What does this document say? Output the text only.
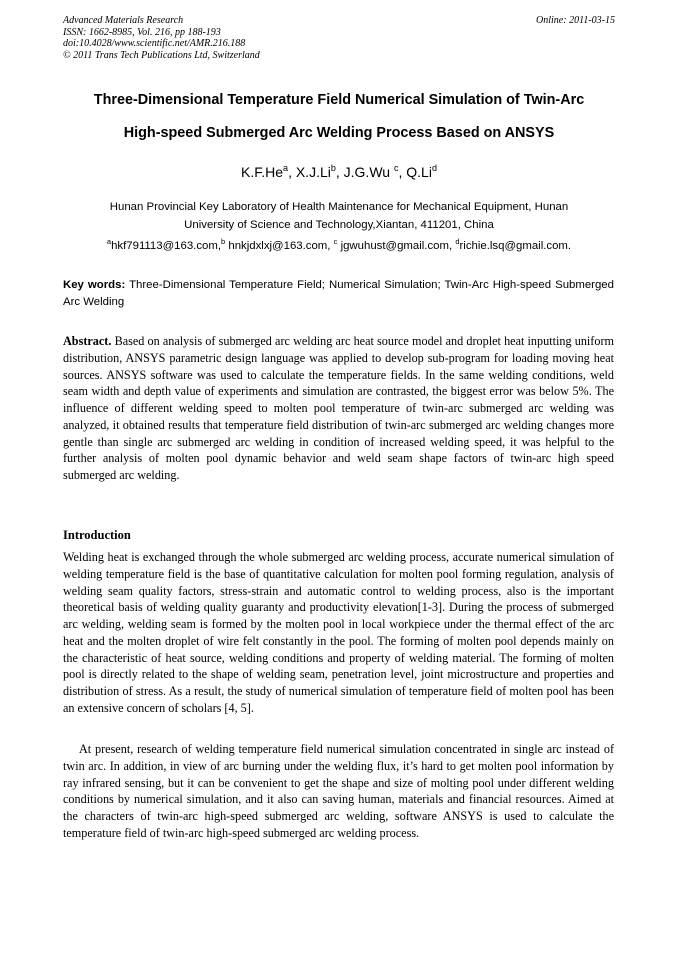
Advanced Materials Research
ISSN: 1662-8985, Vol. 216, pp 188-193
doi:10.4028/www.scientific.net/AMR.216.188
© 2011 Trans Tech Publications Ltd, Switzerland
Online: 2011-03-15
Three-Dimensional Temperature Field Numerical Simulation of Twin-Arc
High-speed Submerged Arc Welding Process Based on ANSYS
K.F.He$^a$, X.J.Li$^b$, J.G.Wu $^c$, Q.Li$^d$
Hunan Provincial Key Laboratory of Health Maintenance for Mechanical Equipment, Hunan
University of Science and Technology,Xiantan, 411201, China
$^a$hkf791113@163.com,$^b$ hnkjdxlxj@163.com, $^c$ jgwuhust@gmail.com, $^d$richie.lsq@gmail.com.
Key words: Three-Dimensional Temperature Field; Numerical Simulation; Twin-Arc High-speed Submerged Arc Welding
Abstract. Based on analysis of submerged arc welding arc heat source model and droplet heat inputting uniform distribution, ANSYS parametric design language was applied to develop sub-program for loading moving heat sources. ANSYS software was used to calculate the temperature fields. In the same welding conditions, weld seam width and depth value of experiments and simulation are contrasted, the biggest error was below 5%. The influence of different welding speed to molten pool temperature of twin-arc submerged arc welding was analyzed, it obtained results that temperature field distribution of twin-arc submerged arc welding changes more gentle than single arc submerged arc welding in condition of increased welding speed, it was helpful to the further analysis of molten pool dynamic behavior and weld seam shape factors of twin-arc high speed submerged arc welding.
Introduction
Welding heat is exchanged through the whole submerged arc welding process, accurate numerical simulation of welding temperature field is the base of quantitative calculation for molten pool forming regulation, analysis of welding seam quality factors, stress-strain and automatic control to welding process, also is the important theoretical basis of welding quality guaranty and productivity elevation[1-3]. During the process of submerged arc welding, welding seam is formed by the molten pool in local workpiece under the thermal effect of the arc heat and the molten droplet of wire felt constantly in the pool. The forming of molten pool depends mainly on the characteristic of heat source, welding conditions and property of welding material. The forming of molten pool is directly related to the shape of welding seam, penetration level, joint microstructure and properties and distribution of stress. As a result, the study of numerical simulation of temperature field of molten pool has been an extensive concern of scholars [4, 5].
At present, research of welding temperature field numerical simulation concentrated in single arc instead of twin arc. In addition, in view of arc burning under the welding flux, it’s hard to get molten pool information by ray infrared sensing, but it can be convenient to get the shape and size of molting pool under different welding conditions by numerical simulation, and it also can saving human, materials and financial resources. Aimed at the characters of twin-arc high-speed submerged arc welding, software ANSYS is used to calculate the temperature field of twin-arc high-speed submerged arc welding process.
